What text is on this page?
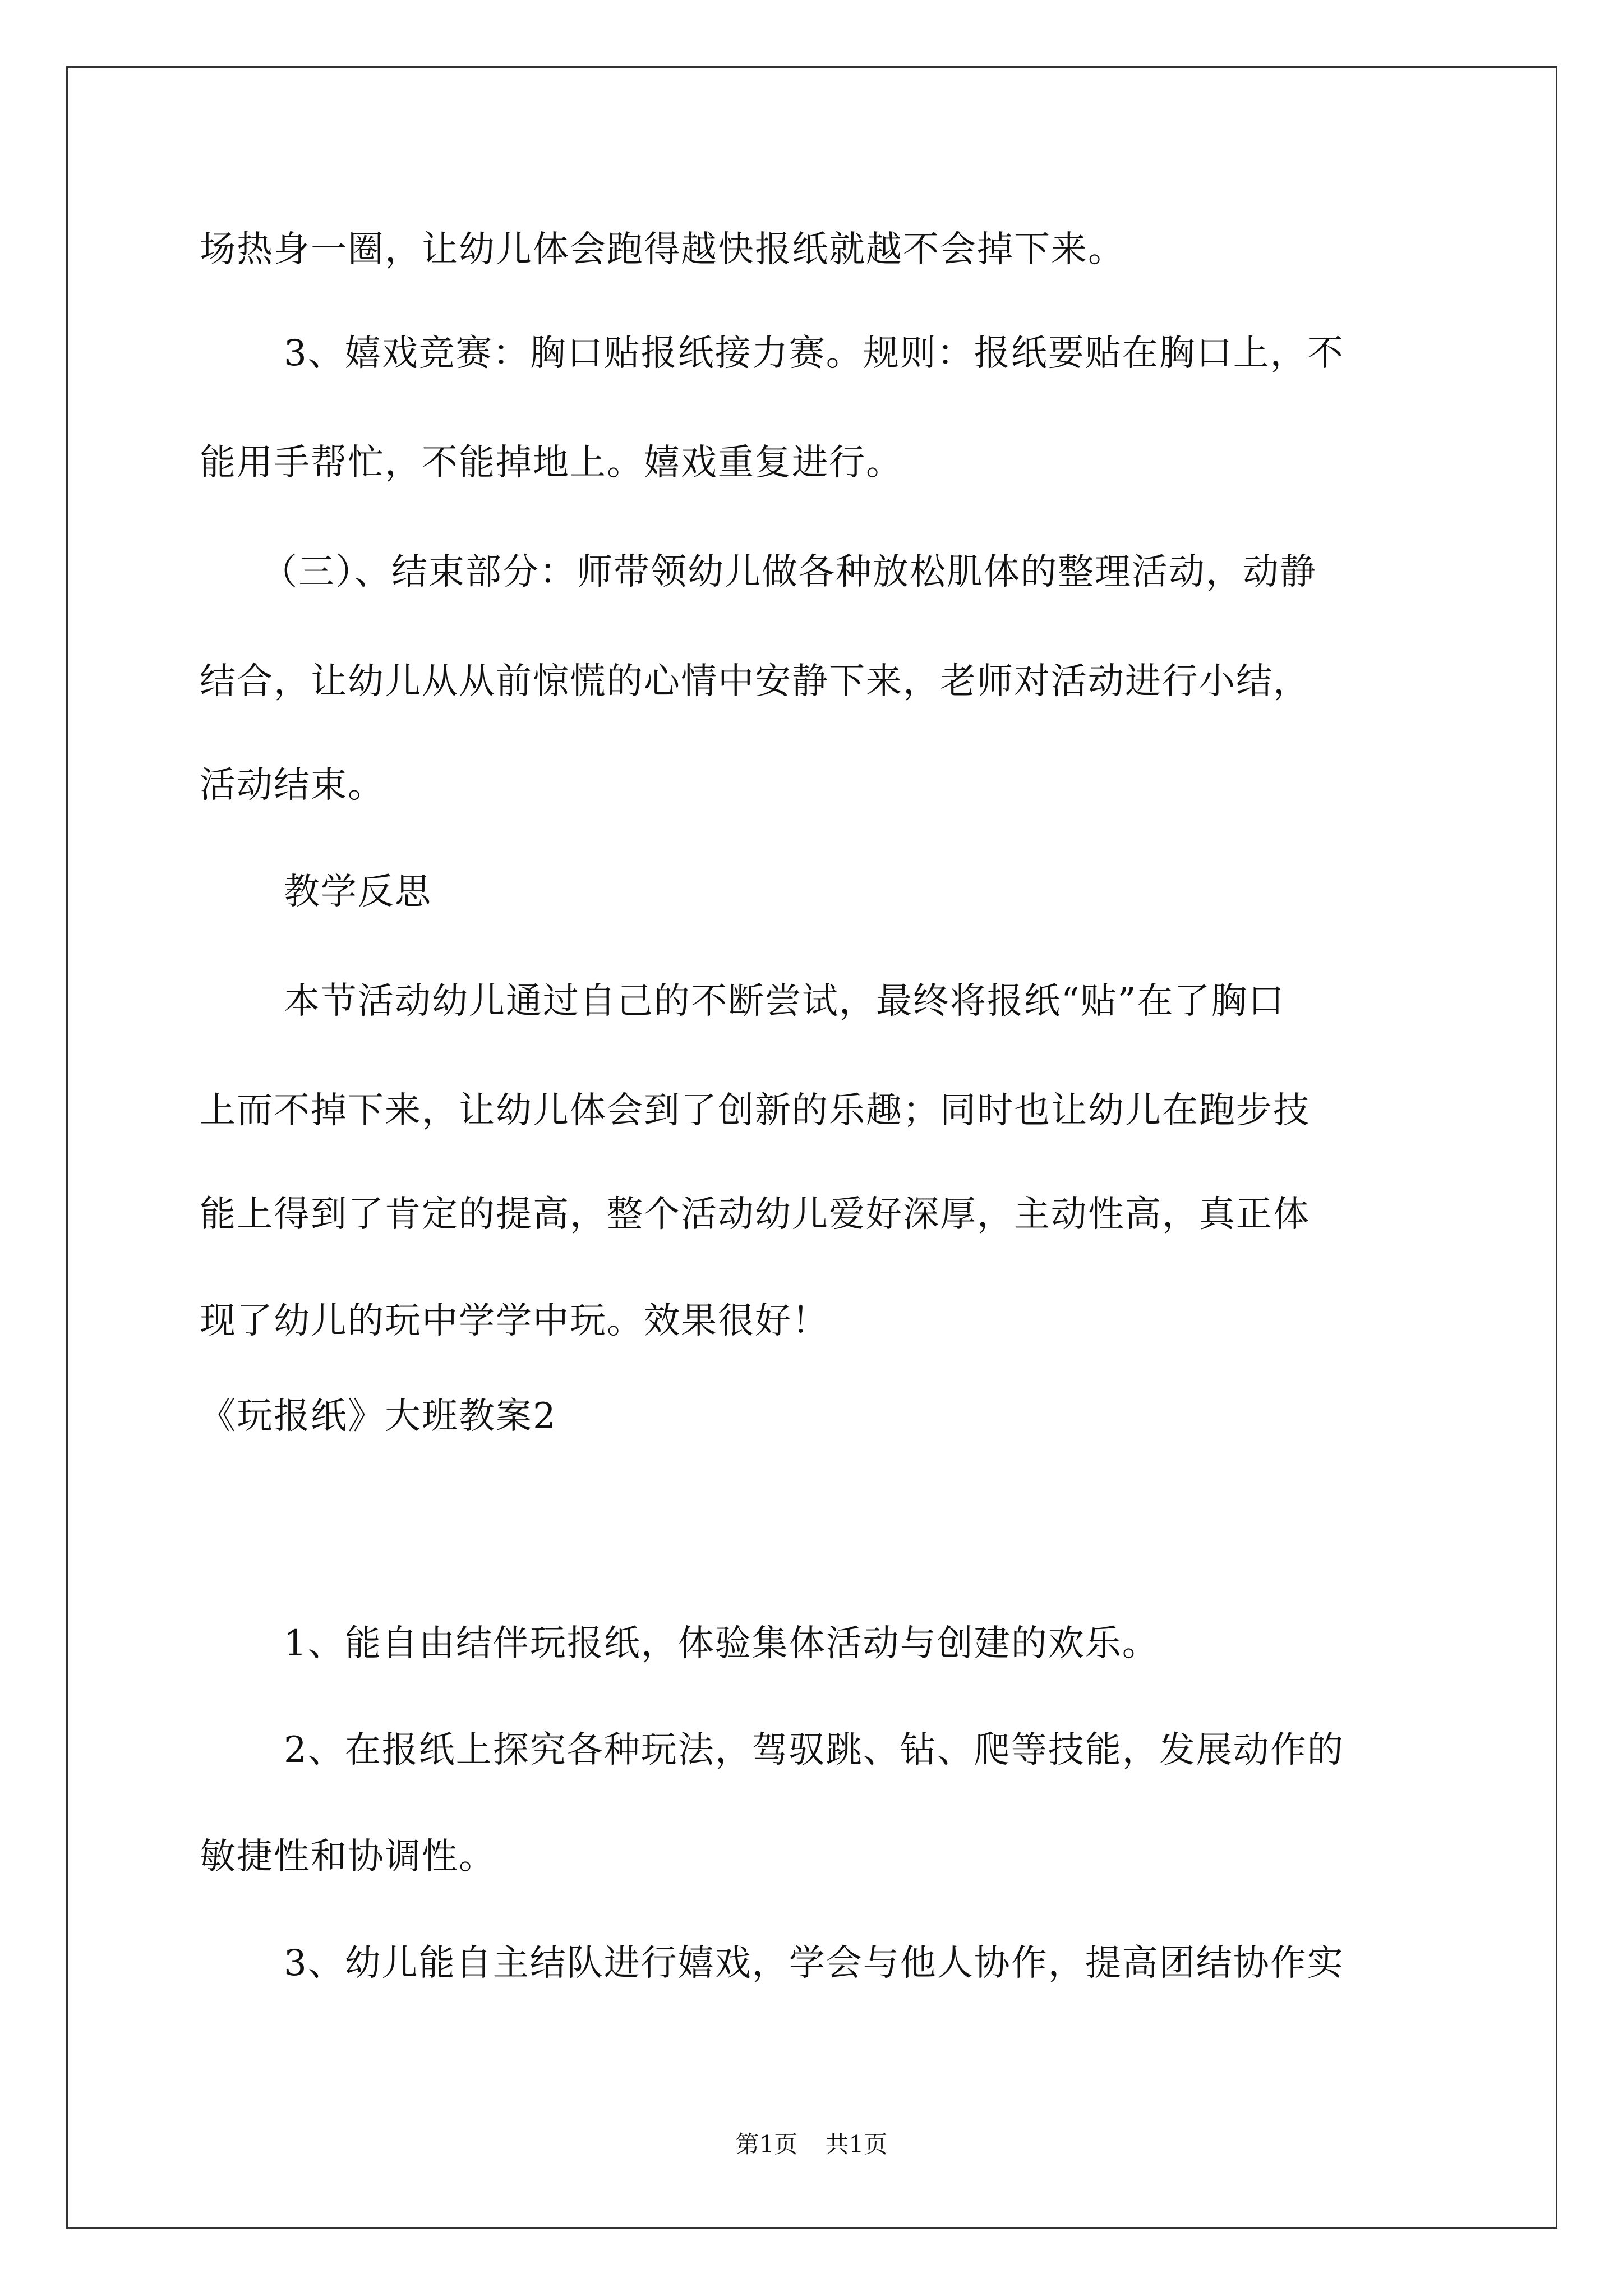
场热身一圈，让幼儿体会跑得越快报纸就越不会掉下来。

3、嬉戏竞赛：胸口贴报纸接力赛。规则：报纸要贴在胸口上，不

能用手帮忙，不能掉地上。嬉戏重复进行。

（三）、结束部分：师带领幼儿做各种放松肌体的整理活动，动静

结合，让幼儿从从前惊慌的心情中安静下来，老师对活动进行小结，

活动结束。

教学反思

本节活动幼儿通过自己的不断尝试，最终将报纸“贴”在了胸口

上而不掉下来，让幼儿体会到了创新的乐趣；同时也让幼儿在跑步技

能上得到了肯定的提高，整个活动幼儿爱好深厚，主动性高，真正体

现了幼儿的玩中学学中玩。效果很好！

《玩报纸》大班教案2

1、能自由结伴玩报纸，体验集体活动与创建的欢乐。

2、在报纸上探究各种玩法，驾驭跳、钻、爬等技能，发展动作的

敏捷性和协调性。

3、幼儿能自主结队进行嬉戏，学会与他人协作，提高团结协作实

第1页 共1页
